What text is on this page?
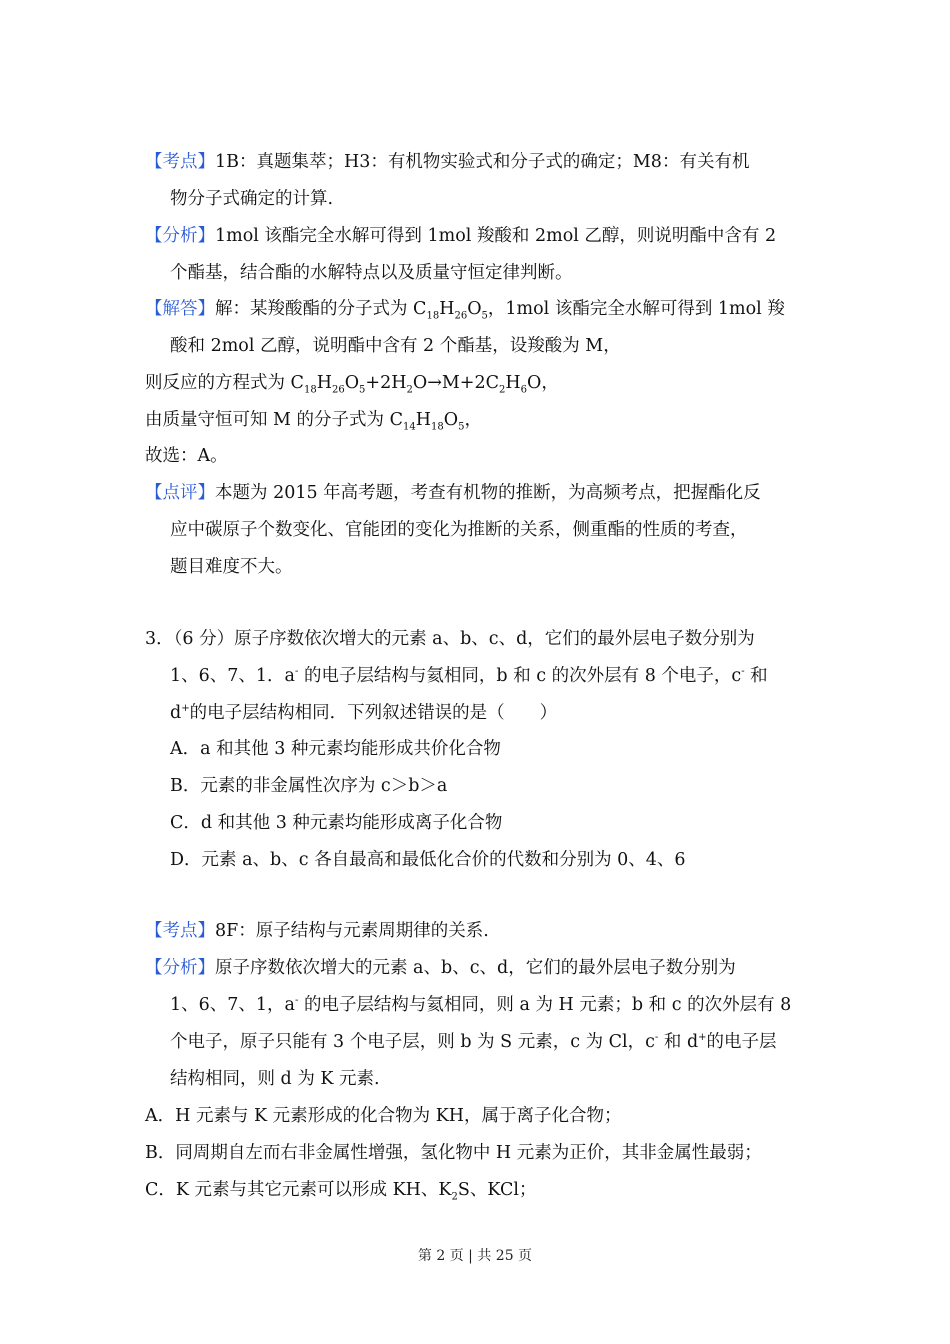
【考点】1B：真题集萃；H3：有机物实验式和分子式的确定；M8：有关有机
物分子式确定的计算.
【分析】1mol 该酯完全水解可得到 1mol 羧酸和 2mol 乙醇，则说明酯中含有 2
个酯基，结合酯的水解特点以及质量守恒定律判断。
【解答】解：某羧酸酯的分子式为 $C_{18}H_{26}O_5$，1mol 该酯完全水解可得到 1mol 羧
酸和 2mol 乙醇，说明酯中含有 2 个酯基，设羧酸为 M，
则反应的方程式为 $C_{18}H_{26}O_5+2H_2O\to M+2C_2H_6O$，
由质量守恒可知 M 的分子式为 $C_{14}H_{18}O_5$，
故选：A。
【点评】本题为 2015 年高考题，考查有机物的推断，为高频考点，把握酯化反
应中碳原子个数变化、官能团的变化为推断的关系，侧重酯的性质的考查，
题目难度不大。
3．（6 分）原子序数依次增大的元素 a、b、c、d，它们的最外层电子数分别为
1、6、7、1．a- 的电子层结构与氦相同，b 和 c 的次外层有 8 个电子，c- 和
d+的电子层结构相同．下列叙述错误的是（　　）
A．a 和其他 3 种元素均能形成共价化合物
B．元素的非金属性次序为 c＞b＞a
C．d 和其他 3 种元素均能形成离子化合物
D．元素 a、b、c 各自最高和最低化合价的代数和分别为 0、4、6
【考点】8F：原子结构与元素周期律的关系.
【分析】原子序数依次增大的元素 a、b、c、d，它们的最外层电子数分别为
1、6、7、1，a- 的电子层结构与氦相同，则 a 为 H 元素；b 和 c 的次外层有 8
个电子，原子只能有 3 个电子层，则 b 为 S 元素，c 为 Cl，c- 和 d+的电子层
结构相同，则 d 为 K 元素.
A．H 元素与 K 元素形成的化合物为 KH，属于离子化合物；
B．同周期自左而右非金属性增强，氢化物中 H 元素为正价，其非金属性最弱；
C．K 元素与其它元素可以形成 KH、$K_2S$、KCl；
第 2 页 | 共 25 页
